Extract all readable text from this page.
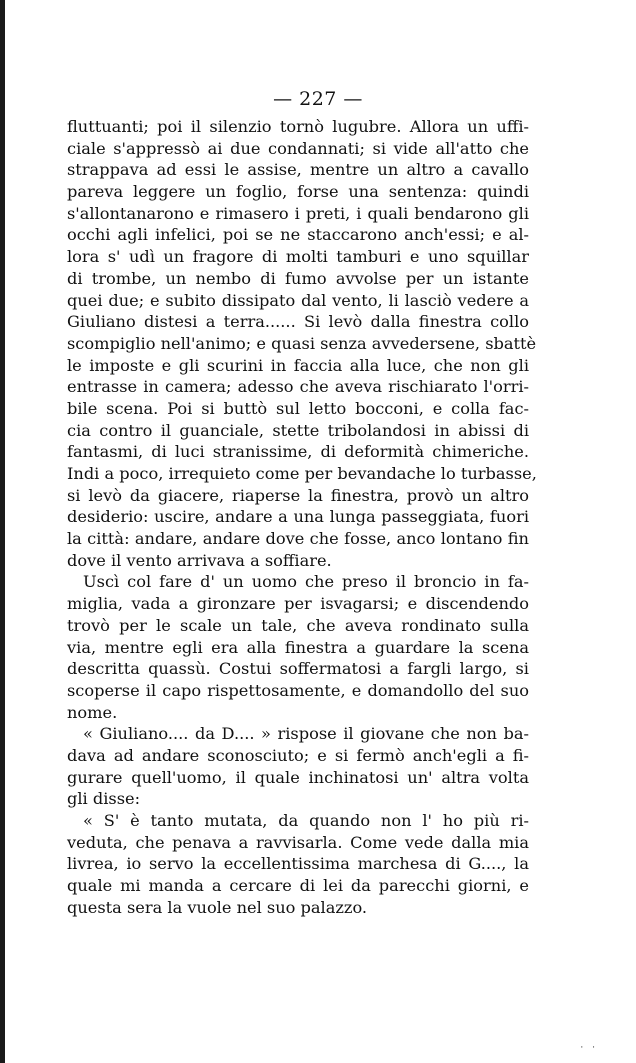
— 227 —
fluttuanti; poi il silenzio tornò lugubre. Allora un uffi-
ciale s'appressò ai due condannati; si vide all'atto che
strappava ad essi le assise, mentre un altro a cavallo
pareva leggere un foglio, forse una sentenza: quindi
s'allontanarono e rimasero i preti, i quali bendarono gli
occhi agli infelici, poi se ne staccarono anch'essi; e al-
lora s' udì un fragore di molti tamburi e uno squillar
di trombe, un nembo di fumo avvolse per un istante
quei due; e subito dissipato dal vento, li lasciò vedere a
Giuliano distesi a terra...... Si levò dalla finestra collo
scompiglio nell'animo; e quasi senza avvedersene, sbattè
le imposte e gli scurini in faccia alla luce, che non gli
entrasse in camera; adesso che aveva rischiarato l'orri-
bile scena. Poi si buttò sul letto bocconi, e colla fac-
cia contro il guanciale, stette tribolandosi in abissi di
fantasmi, di luci stranissime, di deformità chimeriche.
Indi a poco, irrequieto come per bevandache lo turbasse,
si levò da giacere, riaperse la finestra, provò un altro
desiderio: uscire, andare a una lunga passeggiata, fuori
la città: andare, andare dove che fosse, anco lontano fin
dove il vento arrivava a soffiare.
Uscì col fare d' un uomo che preso il broncio in fa-
miglia, vada a gironzare per isvagarsi; e discendendo
trovò per le scale un tale, che aveva rondinato sulla
via, mentre egli era alla finestra a guardare la scena
descritta quassù. Costui soffermatosi a fargli largo, si
scoperse il capo rispettosamente, e domandollo del suo
nome.
« Giuliano.... da D.... » rispose il giovane che non ba-
dava ad andare sconosciuto; e si fermò anch'egli a fi-
gurare quell'uomo, il quale inchinatosi un' altra volta
gli disse:
« S' è tanto mutata, da quando non l' ho più ri-
veduta, che penava a ravvisarla. Come vede dalla mia
livrea, io servo la eccellentissima marchesa di G...., la
quale mi manda a cercare di lei da parecchi giorni, e
questa sera la vuole nel suo palazzo.
· ·
